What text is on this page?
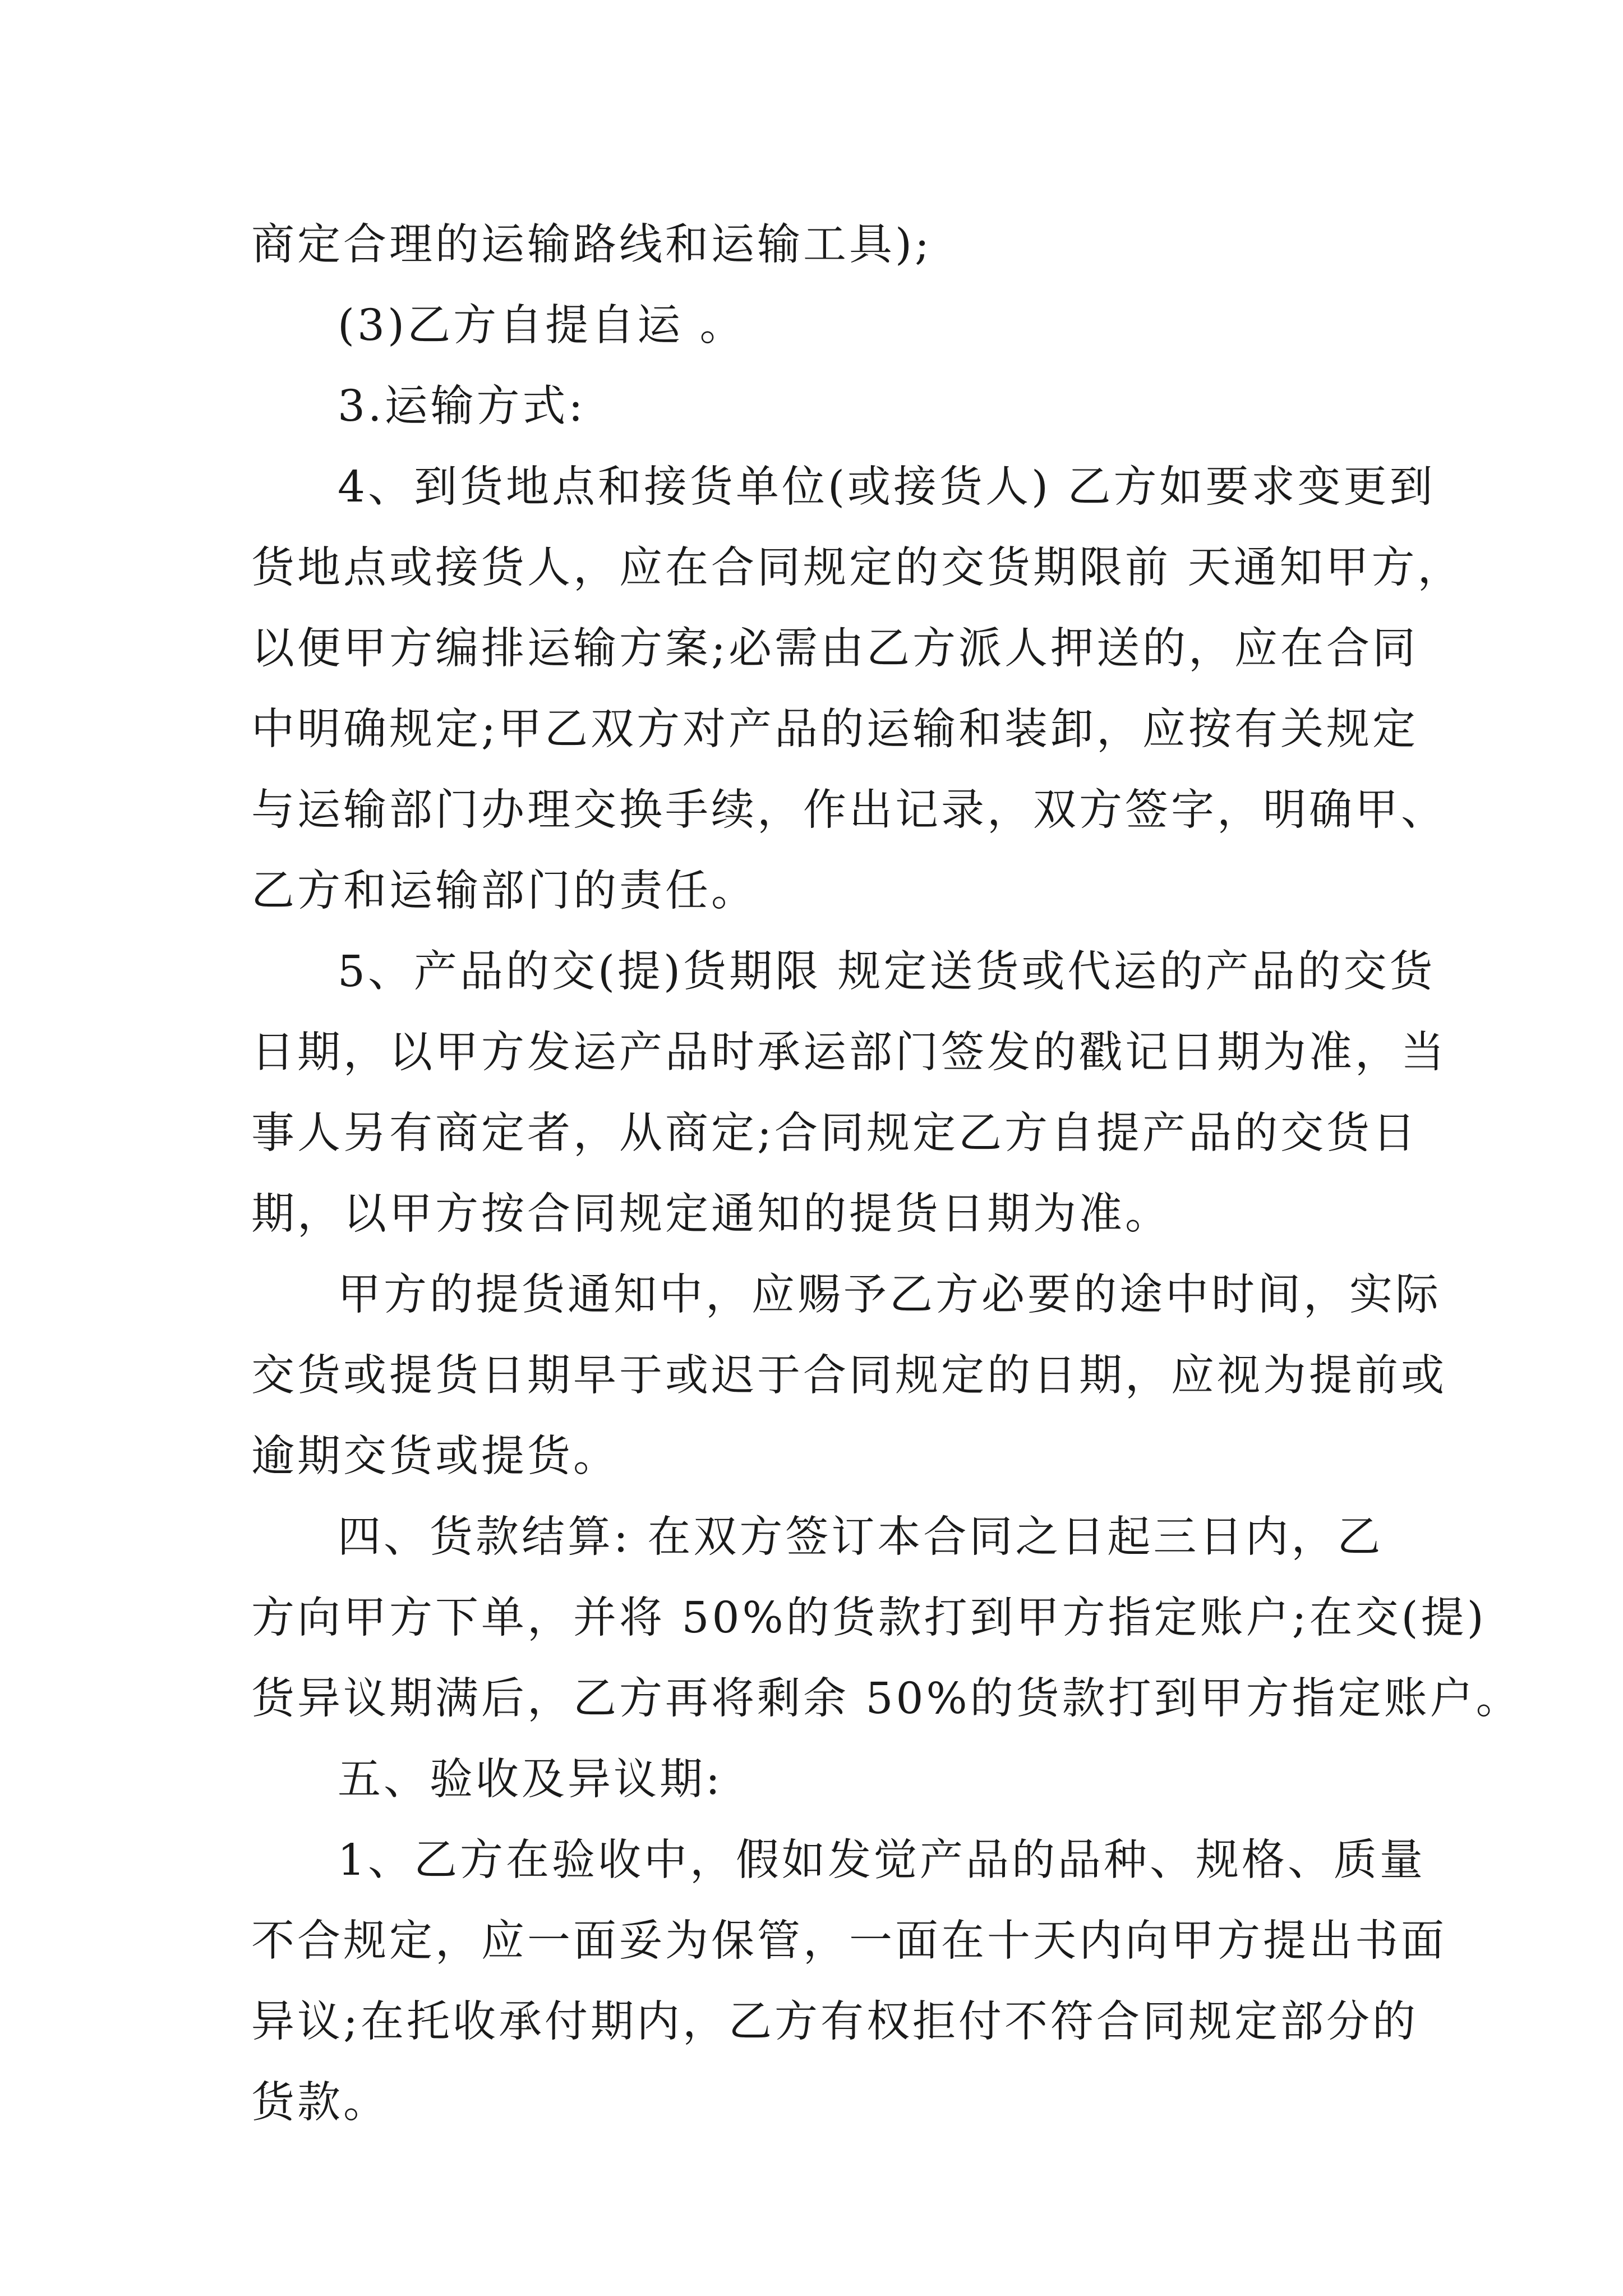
商定合理的运输路线和运输工具);
(3)乙方自提自运 。
3.运输方式:
4、到货地点和接货单位(或接货人) 乙方如要求变更到
货地点或接货人，应在合同规定的交货期限前 天通知甲方，
以便甲方编排运输方案;必需由乙方派人押送的，应在合同
中明确规定;甲乙双方对产品的运输和装卸，应按有关规定
与运输部门办理交换手续，作出记录，双方签字，明确甲、
乙方和运输部门的责任。
5、产品的交(提)货期限 规定送货或代运的产品的交货
日期，以甲方发运产品时承运部门签发的戳记日期为准，当
事人另有商定者，从商定;合同规定乙方自提产品的交货日
期，以甲方按合同规定通知的提货日期为准。
甲方的提货通知中，应赐予乙方必要的途中时间，实际
交货或提货日期早于或迟于合同规定的日期，应视为提前或
逾期交货或提货。
四、货款结算: 在双方签订本合同之日起三日内，乙
方向甲方下单，并将 50%的货款打到甲方指定账户;在交(提)
货异议期满后，乙方再将剩余 50%的货款打到甲方指定账户。
五、验收及异议期:
1、乙方在验收中，假如发觉产品的品种、规格、质量
不合规定，应一面妥为保管，一面在十天内向甲方提出书面
异议;在托收承付期内，乙方有权拒付不符合同规定部分的
货款。
